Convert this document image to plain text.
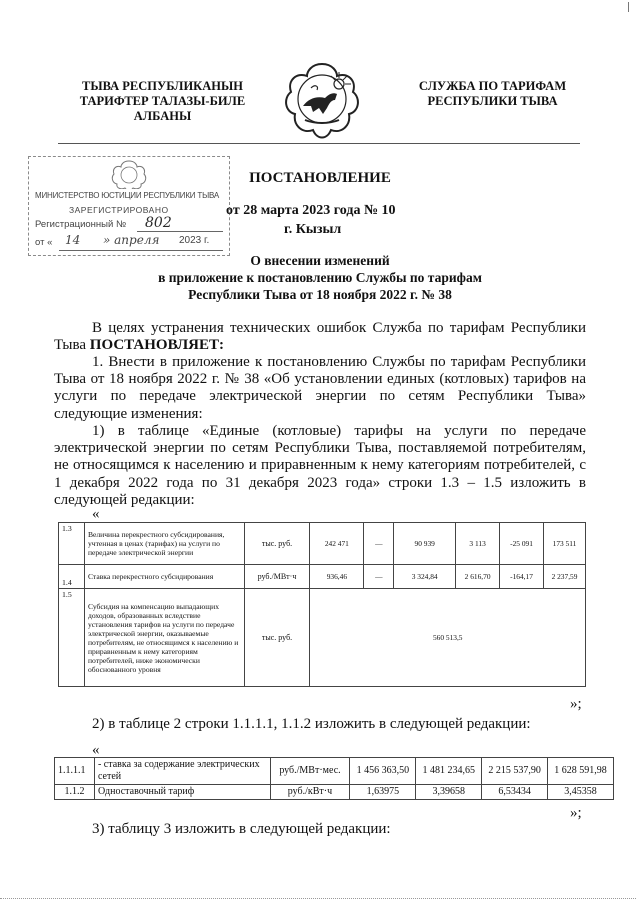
ТЫВА РЕСПУБЛИКАНЫН
ТАРИФТЕР ТАЛАЗЫ-БИЛЕ
АЛБАНЫ
СЛУЖБА ПО ТАРИФАМ
РЕСПУБЛИКИ ТЫВА
МИНИСТЕРСТВО ЮСТИЦИИ РЕСПУБЛИКИ ТЫВА
ЗАРЕГИСТРИРОВАНО
Регистрационный № 802
от « 14 » апреля 2023 г.
ПОСТАНОВЛЕНИЕ
от 28 марта 2023 года № 10
г. Кызыл
О внесении изменений
в приложение к постановлению Службы по тарифам
Республики Тыва от 18 ноября 2022 г. № 38
В целях устранения технических ошибок Служба по тарифам Республики Тыва ПОСТАНОВЛЯЕТ:
1. Внести в приложение к постановлению Службы по тарифам Республики Тыва от 18 ноября 2022 г. № 38 «Об установлении единых (котловых) тарифов на услуги по передаче электрической энергии по сетям Республики Тыва» следующие изменения:
1) в таблице «Единые (котловые) тарифы на услуги по передаче электрической энергии по сетям Республики Тыва, поставляемой потребителям, не относящимся к населению и приравненным к нему категориям потребителей, с 1 декабря 2022 года по 31 декабря 2023 года» строки 1.3 – 1.5 изложить в следующей редакции:
«
1.3	Величина перекрестного субсидирования, учтенная в ценах (тарифах) на услуги по передаче электрической энергии	тыс. руб.	242 471	—	90 939	3 113	-25 091	173 511
1.4	Ставка перекрестного субсидирования	руб./МВт·ч	936,46	—	3 324,84	2 616,70	-164,17	2 237,59
1.5	Субсидия на компенсацию выпадающих доходов, образованных вследствие установления тарифов на услуги по передаче электрической энергии, оказываемые потребителям, не относящимся к населению и приравненным к нему категориям потребителей, ниже экономически обоснованного уровня	тыс. руб.	560 513,5					
»;
2) в таблице 2 строки 1.1.1.1, 1.1.2 изложить в следующей редакции:
«
1.1.1.1	- ставка за содержание электрических сетей	руб./МВт·мес.	1 456 363,50	1 481 234,65	2 215 537,90	1 628 591,98
1.1.2	Одноставочный тариф	руб./кВт·ч	1,63975	3,39658	6,53434	3,45358
»;
3) таблицу 3 изложить в следующей редакции:
